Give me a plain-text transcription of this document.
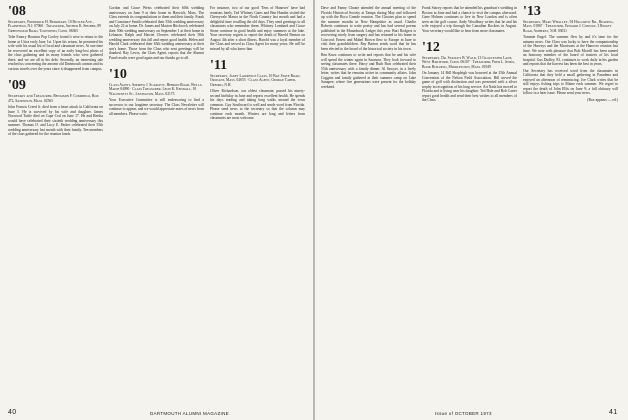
'08

Secretary, Frederick H. Burkhart, 10 Butler Ave., Plainfield, N.J. 07060 · Treasurer, Arthur K. Shuber, 89 Greenwood Road, Townsend, Conn. 06365

Tobe Emory Houston Pop Cooley found it wise to return to the home at Utica early June 1st. Upon his return, he presented his wife with his usual list of local and classmate news. At one time he recovered an excellent copy of an early long-lost photo of the class gathering and its many friends who were gathered there, and we are all in his debt. Secondly, an interesting tale reached us concerning the ancient old Dartmouth cannon and its various travels over the years since it disappeared from campus.

'09

Secretary and Treasurer, Benjamin F. Cummings, Box 472, Sandwich, Mass. 02563

John Francis Creed Jr. died from a heart attack in California on June 5. He is survived by his wife and daughter. James Norwood Tuttle died on Cape Cod on June 17. He and Bertha would have celebrated their sixtieth wedding anniversary this summer. Thomas O. and Lucy E. Parker celebrated their 55th wedding anniversary last month with their family. Ten members of the class gathered for the reunion lunch.

Gordon and Grace Weiss celebrated their 60th wedding anniversary on June 9 at their home in Harwich, Mass. The Class extends its congratulations to them and their family. Frank and Constance Smith celebrated their 55th wedding anniversary on July 22 at home. Dr. James and Marion Hitchcock celebrated their 50th wedding anniversary on September 1 at their home in Lebanon. Ralph and Harriet Cleaves celebrated their 50th wedding anniversary this fall and report good health. Helen and Harold Clark celebrated their 65th wedding anniversary at their son's home. Those from the Class who sent greetings will be thanked. Ray Lewis, the Class Agent, reports that the Alumni Fund results were good again and our thanks go to all.

'10

Class Agent, Andrew J. Scarlett, Hebron Road, Wells, Maine 04090 · Class Treasurer, Leon K. Kendall, 18 Wachusett St., Lexington, Mass. 02173

Your Executive Committee is still endeavoring to find a successor to our longtime secretary. The Class Newsletter will continue to appear, and we would appreciate notes of news from all members. Please write.

For instance, two of our good 'Tens of Hanover' have had reunions lately. Ted Whitney Gates and Ben Hamlin visited the Cheeryvale Manor in the North Country last month and had a delightful time recalling the old days. They send greetings to all classmates who remember them. Whitney Lombard and Grace Stone continue in good health and enjoy summers at the lake. Your secretary regrets to report the death of Harold Benton on August 4th after a short illness. Harold was a loyal member of the Class and served as Class Agent for many years. He will be missed by all who knew him.

'11

Secretary, Janet Lawrence Class, 10 Bay State Road, Orleans, Mass. 02653 · Class Agent, George Taber, Orford, N.H.

Oliver Richardson, our oldest classmate, passed his ninety-second birthday in June and reports excellent health. He spends his days reading and taking long walks around the town common. Guy Southward is well and sends word from Florida. Please send news to the secretary so that the column may continue each month. Winters are long and letters from classmates are most welcome.

40	DARTMOUTH ALUMNI MAGAZINE

Dave and Fanny Choate attended the annual meeting of the Florida Historical Society at Tampa during May and followed up with the Boca Grande reunion. The Choates plan to spend the summer months in New Hampshire as usual. Charlie Roberts continues to write poetry and has had several poems published in the Monadnock Ledger this year. Burt Rodgers is recovering nicely from surgery and has returned to his home in Concord. Ernest and Mabel Brown flew to Europe in June to visit their grandchildren. Ray Barton sends word that he has been elected to the board of the historical society in his town.

Ben Knox continues to write and reports that he and his wife will spend the winter again in Sarasota. They look forward to seeing classmates there. Harry and Ruth Burt celebrated their 55th anniversary with a family dinner. Al Sawyer, in a lively letter, writes that he remains active in community affairs. John Coggins and family gathered at their summer camp on Lake Sunapee, where five generations were present for the holiday weekend.

Frank Stacey reports that he attended his grandson's wedding in Boston in June and had a chance to visit the campus afterward. Gene Holmes continues to live in New London and is often seen on the golf course. Andy Woodbury writes that he and his wife enjoyed a trip through the Canadian Rockies in August. Your secretary would like to hear from more classmates.

'12

Secretary, Dr. Stanley B. Wald, 13 Gloucester Lane, West Hartford, Conn. 06107 · Treasurer, Fred L. Jenks, Book Building, Middletown, Mass. 01949

On January 14 Bill Shapleigh was honored at the 25th Annual Convention of the Nelson Field Association. Bill served the game of golf with distinction and was presented with a silver trophy in recognition of his long service. Art Nash has moved to Florida and is living near his daughter. Ted Hale and Bob Carter report good health and send their best wishes to all members of the Class.

'13

Secretary, Marc Whalley, 94 Hillcrest Rd., Reading, Mass. 01867 · Treasurer, Edward J. Conway, 3 Ridley Road, Amherst, N.H. 03031

Tommie Engel. The summer flew by and it's time for the autumn news. Our Class was lucky to have the companionship of the Harveys and the Morrisons at the Hanover reunion last June. We note with pleasure that Bob Morrill has been named an honorary member of the board of trustees of his local hospital. Gus Dudley, 83, continues to work daily in his garden and reports that the harvest has been the best in years.

Our Secretary has received word from the classmates in California that they held a small gathering in Pasadena and enjoyed an afternoon of reminiscing. Joe Clark writes that he still enjoys fishing trips to Maine each summer. We regret to report the death of John Ellis on June 9; a full obituary will follow in a later issue. Please send your news.

(Box appears — ed.)

Issue of OCTOBER 1973	41
